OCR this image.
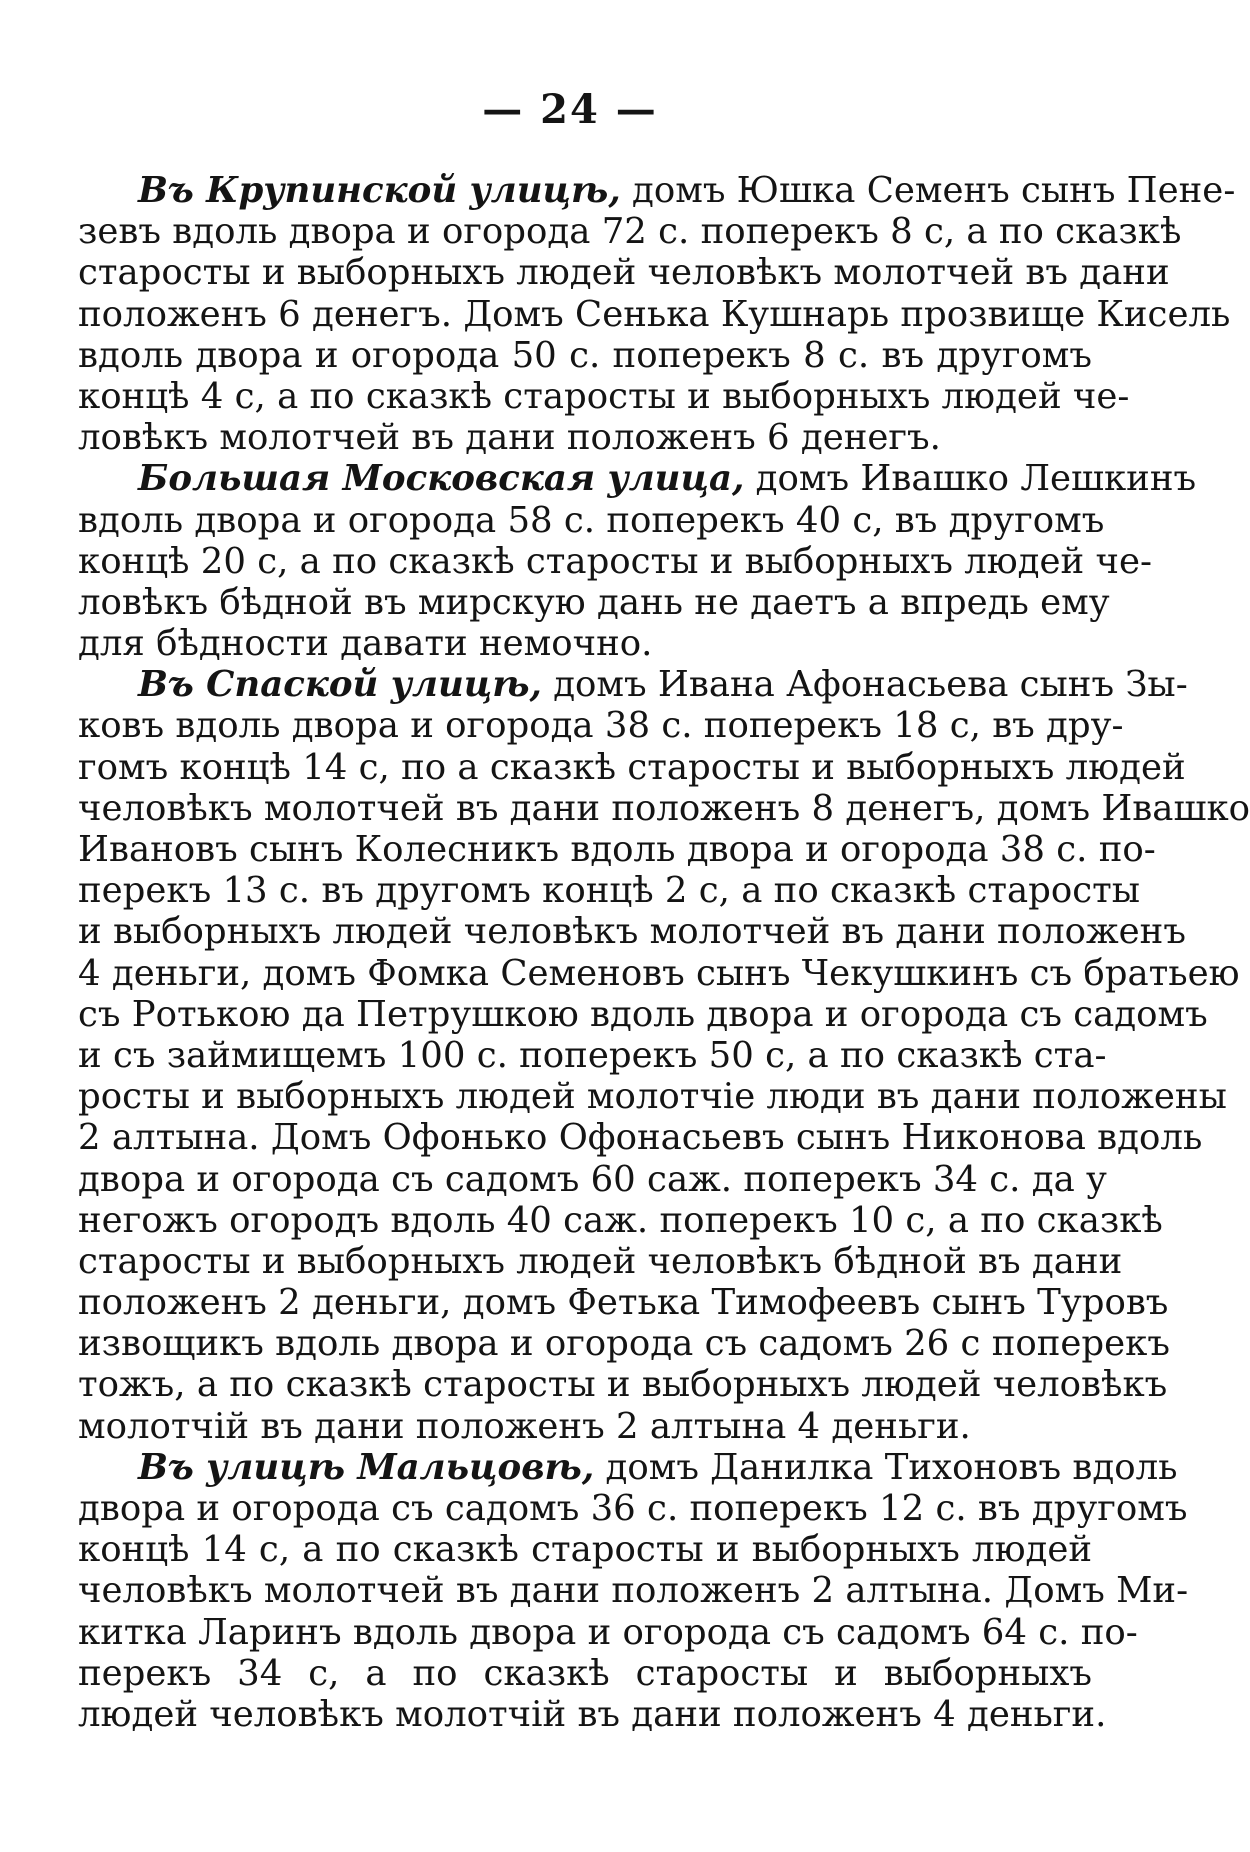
— 24 —
Въ Крупинской улицѣ, домъ Юшка Семенъ сынъ Пене-
зевъ вдоль двора и огорода 72 с. поперекъ 8 с, а по сказкѣ
старосты и выборныхъ людей человѣкъ молотчей въ дани
положенъ 6 денегъ. Домъ Сенька Кушнарь прозвище Кисель
вдоль двора и огорода 50 с. поперекъ 8 с. въ другомъ
концѣ 4 с, а по сказкѣ старосты и выборныхъ людей че-
ловѣкъ молотчей въ дани положенъ 6 денегъ.
Большая Московская улица, домъ Ивашко Лешкинъ
вдоль двора и огорода 58 с. поперекъ 40 с, въ другомъ
концѣ 20 с, а по сказкѣ старосты и выборныхъ людей че-
ловѣкъ бѣдной въ мирскую дань не даетъ а впредь ему
для бѣдности давати немочно.
Въ Спаской улицѣ, домъ Ивана Афонасьева сынъ Зы-
ковъ вдоль двора и огорода 38 с. поперекъ 18 с, въ дру-
гомъ концѣ 14 с, по а сказкѣ старосты и выборныхъ людей
человѣкъ молотчей въ дани положенъ 8 денегъ, домъ Ивашко
Ивановъ сынъ Колесникъ вдоль двора и огорода 38 с. по-
перекъ 13 с. въ другомъ концѣ 2 с, а по сказкѣ старосты
и выборныхъ людей человѣкъ молотчей въ дани положенъ
4 деньги, домъ Фомка Семеновъ сынъ Чекушкинъ съ братьею
съ Ротькою да Петрушкою вдоль двора и огорода съ садомъ
и съ займищемъ 100 с. поперекъ 50 с, а по сказкѣ ста-
росты и выборныхъ людей молотчіе люди въ дани положены
2 алтына. Домъ Офонько Офонасьевъ сынъ Никонова вдоль
двора и огорода съ садомъ 60 саж. поперекъ 34 с. да у
негожъ огородъ вдоль 40 саж. поперекъ 10 с, а по сказкѣ
старосты и выборныхъ людей человѣкъ бѣдной въ дани
положенъ 2 деньги, домъ Фетька Тимофеевъ сынъ Туровъ
извощикъ вдоль двора и огорода съ садомъ 26 с поперекъ
тожъ, а по сказкѣ старосты и выборныхъ людей человѣкъ
молотчій въ дани положенъ 2 алтына 4 деньги.
Въ улицѣ Мальцовѣ, домъ Данилка Тихоновъ вдоль
двора и огорода съ садомъ 36 с. поперекъ 12 с. въ другомъ
концѣ 14 с, а по сказкѣ старосты и выборныхъ людей
человѣкъ молотчей въ дани положенъ 2 алтына. Домъ Ми-
китка Ларинъ вдоль двора и огорода съ садомъ 64 с. по-
перекъ 34 с, а по сказкѣ старосты и выборныхъ
людей человѣкъ молотчій въ дани положенъ 4 деньги.
